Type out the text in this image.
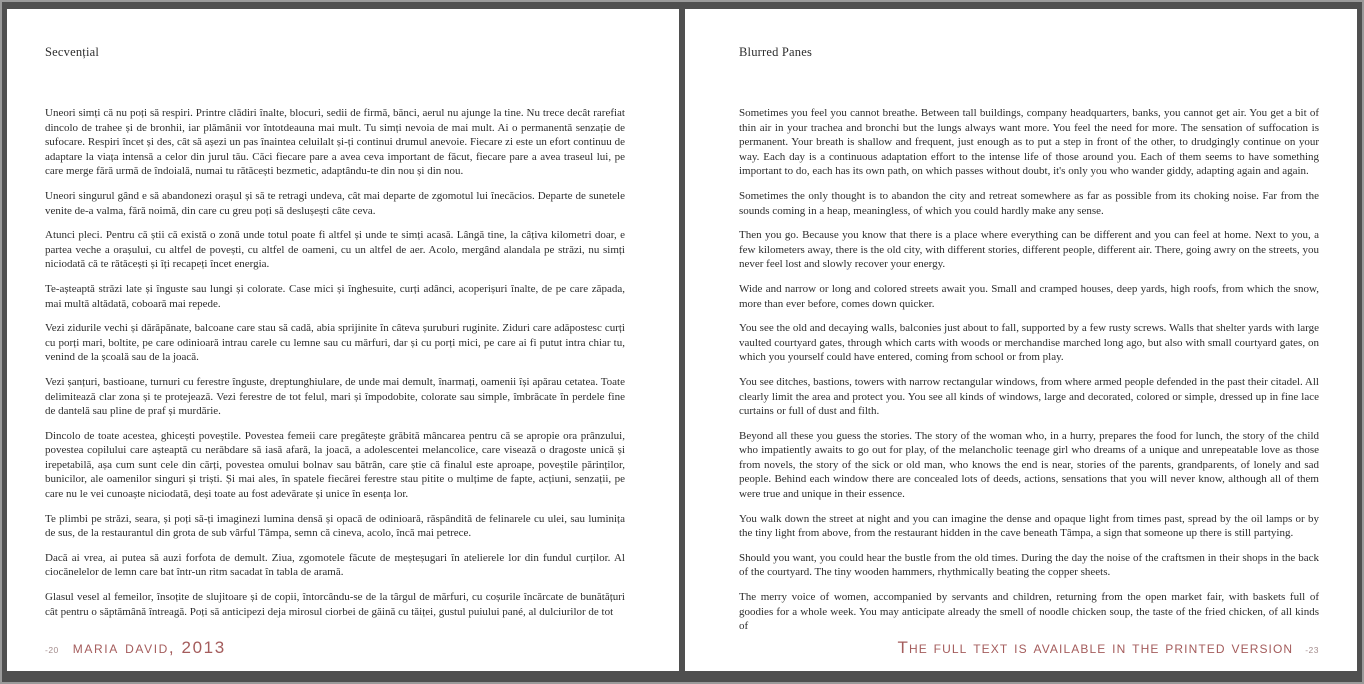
Secvențial

Uneori simți că nu poți să respiri. Printre clădiri înalte, blocuri, sedii de firmă, bănci, aerul nu ajunge la tine. Nu trece decât rarefiat dincolo de trahee și de bronhii, iar plămânii vor întotdeauna mai mult. Tu simți nevoia de mai mult. Ai o permanentă senzație de sufocare. Respiri încet și des, cât să așezi un pas înaintea celuilalt și-ți continui drumul anevoie. Fiecare zi este un efort continuu de adaptare la viața intensă a celor din jurul tău. Căci fiecare pare a avea ceva important de făcut, fiecare pare a avea traseul lui, pe care merge fără urmă de îndoială, numai tu rătăcești bezmetic, adaptându-te din nou și din nou.

Uneori singurul gând e să abandonezi orașul și să te retragi undeva, cât mai departe de zgomotul lui înecăcios. Departe de sunetele venite de-a valma, fără noimă, din care cu greu poți să deslușești câte ceva.

Atunci pleci. Pentru că știi că există o zonă unde totul poate fi altfel și unde te simți acasă. Lângă tine, la câțiva kilometri doar, e partea veche a orașului, cu altfel de povești, cu altfel de oameni, cu un altfel de aer. Acolo, mergând alandala pe străzi, nu simți niciodată că te rătăcești și îți recapeți încet energia.

Te-așteaptă străzi late și înguste sau lungi și colorate. Case mici și înghesuite, curți adânci, acoperișuri înalte, de pe care zăpada, mai multă altădată, coboară mai repede.

Vezi zidurile vechi și dărăpănate, balcoane care stau să cadă, abia sprijinite în câteva șuruburi ruginite. Ziduri care adăpostesc curți cu porți mari, boltite, pe care odinioară intrau carele cu lemne sau cu mărfuri, dar și cu porți mici, pe care ai fi putut intra chiar tu, venind de la școală sau de la joacă.

Vezi șanțuri, bastioane, turnuri cu ferestre înguste, dreptunghiulare, de unde mai demult, înarmați, oamenii își apărau cetatea. Toate delimitează clar zona și te protejează. Vezi ferestre de tot felul, mari și împodobite, colorate sau simple, îmbrăcate în perdele fine de dantelă sau pline de praf și murdărie.

Dincolo de toate acestea, ghicești poveștile. Povestea femeii care pregătește grăbită mâncarea pentru că se apropie ora prânzului, povestea copilului care așteaptă cu nerăbdare să iasă afară, la joacă, a adolescentei melancolice, care visează o dragoste unică și irepetabilă, așa cum sunt cele din cărți, povestea omului bolnav sau bătrân, care știe că finalul este aproape, poveștile părinților, bunicilor, ale oamenilor singuri și triști. Și mai ales, în spatele fiecărei ferestre stau pitite o mulțime de fapte, acțiuni, senzații, pe care nu le vei cunoaște niciodată, deși toate au fost adevărate și unice în esența lor.

Te plimbi pe străzi, seara, și poți să-ți imaginezi lumina densă și opacă de odinioară, răspândită de felinarele cu ulei, sau luminița de sus, de la restaurantul din grota de sub vârful Tâmpa, semn că cineva, acolo, încă mai petrece.

Dacă ai vrea, ai putea să auzi forfota de demult. Ziua, zgomotele făcute de meșteșugari în atelierele lor din fundul curților. Al ciocănelelor de lemn care bat într-un ritm sacadat în tabla de aramă.

Glasul vesel al femeilor, însoțite de slujitoare și de copii, întorcându-se de la târgul de mărfuri, cu coșurile încărcate de bunătățuri cât pentru o săptămână întreagă. Poți să anticipezi deja mirosul ciorbei de găină cu tăiței, gustul puiului pané, al dulciurilor de tot

-20 maria david, 2013
Blurred Panes

Sometimes you feel you cannot breathe. Between tall buildings, company headquarters, banks, you cannot get air. You get a bit of thin air in your trachea and bronchi but the lungs always want more. You feel the need for more. The sensation of suffocation is permanent. Your breath is shallow and frequent, just enough as to put a step in front of the other, to drudgingly continue on your way. Each day is a continuous adaptation effort to the intense life of those around you. Each of them seems to have something important to do, each has its own path, on which passes without doubt, it's only you who wander giddy, adapting again and again.

Sometimes the only thought is to abandon the city and retreat somewhere as far as possible from its choking noise. Far from the sounds coming in a heap, meaningless, of which you could hardly make any sense.

Then you go. Because you know that there is a place where everything can be different and you can feel at home. Next to you, a few kilometers away, there is the old city, with different stories, different people, different air. There, going awry on the streets, you never feel lost and slowly recover your energy.

Wide and narrow or long and colored streets await you. Small and cramped houses, deep yards, high roofs, from which the snow, more than ever before, comes down quicker.

You see the old and decaying walls, balconies just about to fall, supported by a few rusty screws. Walls that shelter yards with large vaulted courtyard gates, through which carts with woods or merchandise marched long ago, but also with small courtyard gates, on which you yourself could have entered, coming from school or from play.

You see ditches, bastions, towers with narrow rectangular windows, from where armed people defended in the past their citadel. All clearly limit the area and protect you. You see all kinds of windows, large and decorated, colored or simple, dressed up in fine lace curtains or full of dust and filth.

Beyond all these you guess the stories. The story of the woman who, in a hurry, prepares the food for lunch, the story of the child who impatiently awaits to go out for play, of the melancholic teenage girl who dreams of a unique and unrepeatable love as those from novels, the story of the sick or old man, who knows the end is near, stories of the parents, grandparents, of lonely and sad people. Behind each window there are concealed lots of deeds, actions, sensations that you will never know, although all of them were true and unique in their essence.

You walk down the street at night and you can imagine the dense and opaque light from times past, spread by the oil lamps or by the tiny light from above, from the restaurant hidden in the cave beneath Tâmpa, a sign that someone up there is still partying.

Should you want, you could hear the bustle from the old times. During the day the noise of the craftsmen in their shops in the back of the courtyard. The tiny wooden hammers, rhythmically beating the copper sheets.

The merry voice of women, accompanied by servants and children, returning from the open market fair, with baskets full of goodies for a whole week. You may anticipate already the smell of noodle chicken soup, the taste of the fried chicken, of all kinds of

The full text is available in the printed version -23
